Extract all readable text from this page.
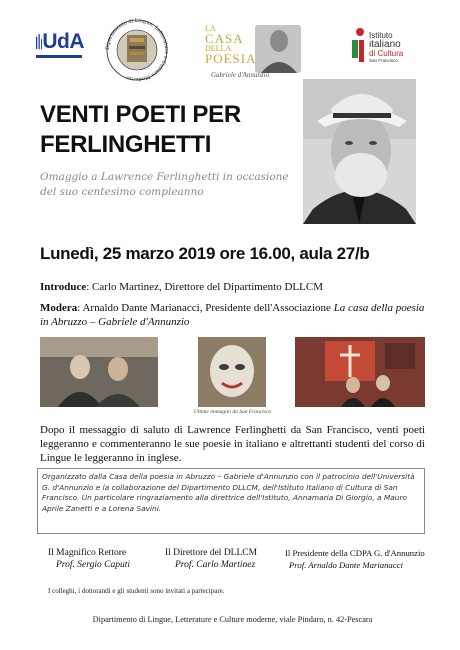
UdA	Dipartimento di Lingue, Letterature e Culture Moderne
LA
CASA
DELLA
POESIA
Gabriele d'Annunzio
Istituto
italiano
di Cultura
San Francisco
VENTI POETI PER
FERLINGHETTI
Omaggio a Lawrence Ferlinghetti in occasione del suo centesimo compleanno
Lunedì, 25 marzo 2019 ore 16.00, aula 27/b
Introduce: Carlo Martinez, Direttore del Dipartimento DLLCM
Modera: Arnaldo Dante Marianacci, Presidente dell'Associazione La casa della poesia in Abruzzo – Gabriele d'Annunzio
Ultime immagini da San Francisco
Dopo il messaggio di saluto di Lawrence Ferlinghetti da San Francisco, venti poeti leggeranno e commenteranno le sue poesie in italiano e altrettanti studenti del corso di Lingue le leggeranno in inglese.
Organizzato dalla Casa della poesia in Abruzzo – Gabriele d'Annunzio con il patrocinio dell'Università G. d'Annunzio e la collaborazione del Dipartimento DLLCM, dell'Istituto Italiano di Cultura di San Francisco. Un particolare ringraziamento alla direttrice dell'Istituto, Annamaria Di Giorgio, a Mauro Aprile Zanetti e a Lorena Savini.
Il Magnifico Rettore
Prof. Sergio Caputi
Il Direttore del DLLCM
Prof. Carlo Martinez
Il Presidente della CDPA G. d'Annunzio
Prof. Arnaldo Dante Marianacci
I colleghi, i dottorandi e gli studenti sono invitati a partecipare.
Dipartimento di Lingue, Letterature e Culture moderne, viale Pindaro, n. 42-Pescara
